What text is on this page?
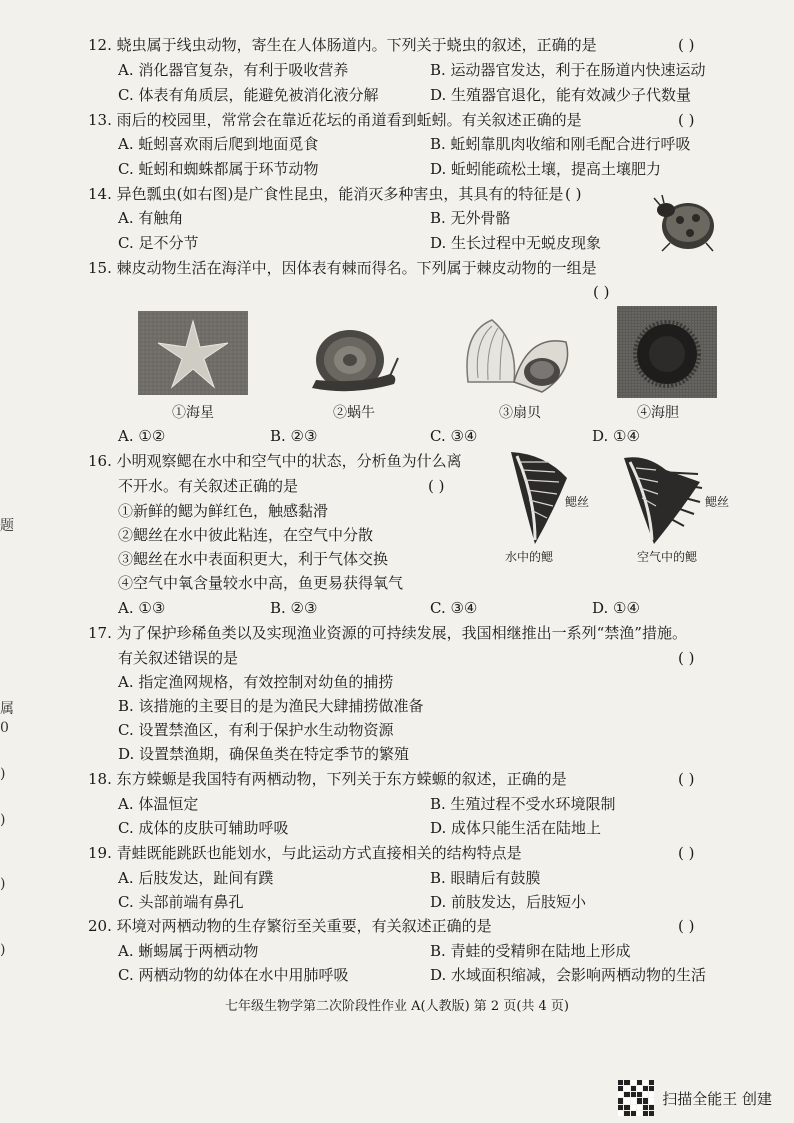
题
属
0
)
)
)
)
12. 蛲虫属于线虫动物，寄生在人体肠道内。下列关于蛲虫的叙述，正确的是	( )
A. 消化器官复杂，有利于吸收营养	B. 运动器官发达，利于在肠道内快速运动
C. 体表有角质层，能避免被消化液分解	D. 生殖器官退化，能有效减少子代数量
13. 雨后的校园里，常常会在靠近花坛的甬道看到蚯蚓。有关叙述正确的是	( )
A. 蚯蚓喜欢雨后爬到地面觅食	B. 蚯蚓靠肌肉收缩和刚毛配合进行呼吸
C. 蚯蚓和蜘蛛都属于环节动物	D. 蚯蚓能疏松土壤，提高土壤肥力
14. 异色瓢虫(如右图)是广食性昆虫，能消灭多种害虫，其具有的特征是 ( )
A. 有触角	B. 无外骨骼
C. 足不分节	D. 生长过程中无蜕皮现象
15. 棘皮动物生活在海洋中，因体表有棘而得名。下列属于棘皮动物的一组是
( )
①海星	②蜗牛	③扇贝	④海胆
A. ①②	B. ②③	C. ③④	D. ①④
16. 小明观察鳃在水中和空气中的状态，分析鱼为什么离
不开水。有关叙述正确的是	( )
①新鲜的鳃为鲜红色，触感黏滑
②鳃丝在水中彼此粘连，在空气中分散
③鳃丝在水中表面积更大，利于气体交换
④空气中氧含量较水中高，鱼更易获得氧气
鳃丝	鳃丝
水中的鳃	空气中的鳃
A. ①③	B. ②③	C. ③④	D. ①④
17. 为了保护珍稀鱼类以及实现渔业资源的可持续发展，我国相继推出一系列“禁渔”措施。
有关叙述错误的是	( )
A. 指定渔网规格，有效控制对幼鱼的捕捞
B. 该措施的主要目的是为渔民大肆捕捞做准备
C. 设置禁渔区，有利于保护水生动物资源
D. 设置禁渔期，确保鱼类在特定季节的繁殖
18. 东方蝾螈是我国特有两栖动物，下列关于东方蝾螈的叙述，正确的是	( )
A. 体温恒定	B. 生殖过程不受水环境限制
C. 成体的皮肤可辅助呼吸	D. 成体只能生活在陆地上
19. 青蛙既能跳跃也能划水，与此运动方式直接相关的结构特点是	( )
A. 后肢发达，趾间有蹼	B. 眼睛后有鼓膜
C. 头部前端有鼻孔	D. 前肢发达，后肢短小
20. 环境对两栖动物的生存繁衍至关重要，有关叙述正确的是	( )
A. 蜥蜴属于两栖动物	B. 青蛙的受精卵在陆地上形成
C. 两栖动物的幼体在水中用肺呼吸	D. 水域面积缩减，会影响两栖动物的生活
七年级生物学第二次阶段性作业 A(人教版) 第 2 页(共 4 页)
扫描全能王 创建
